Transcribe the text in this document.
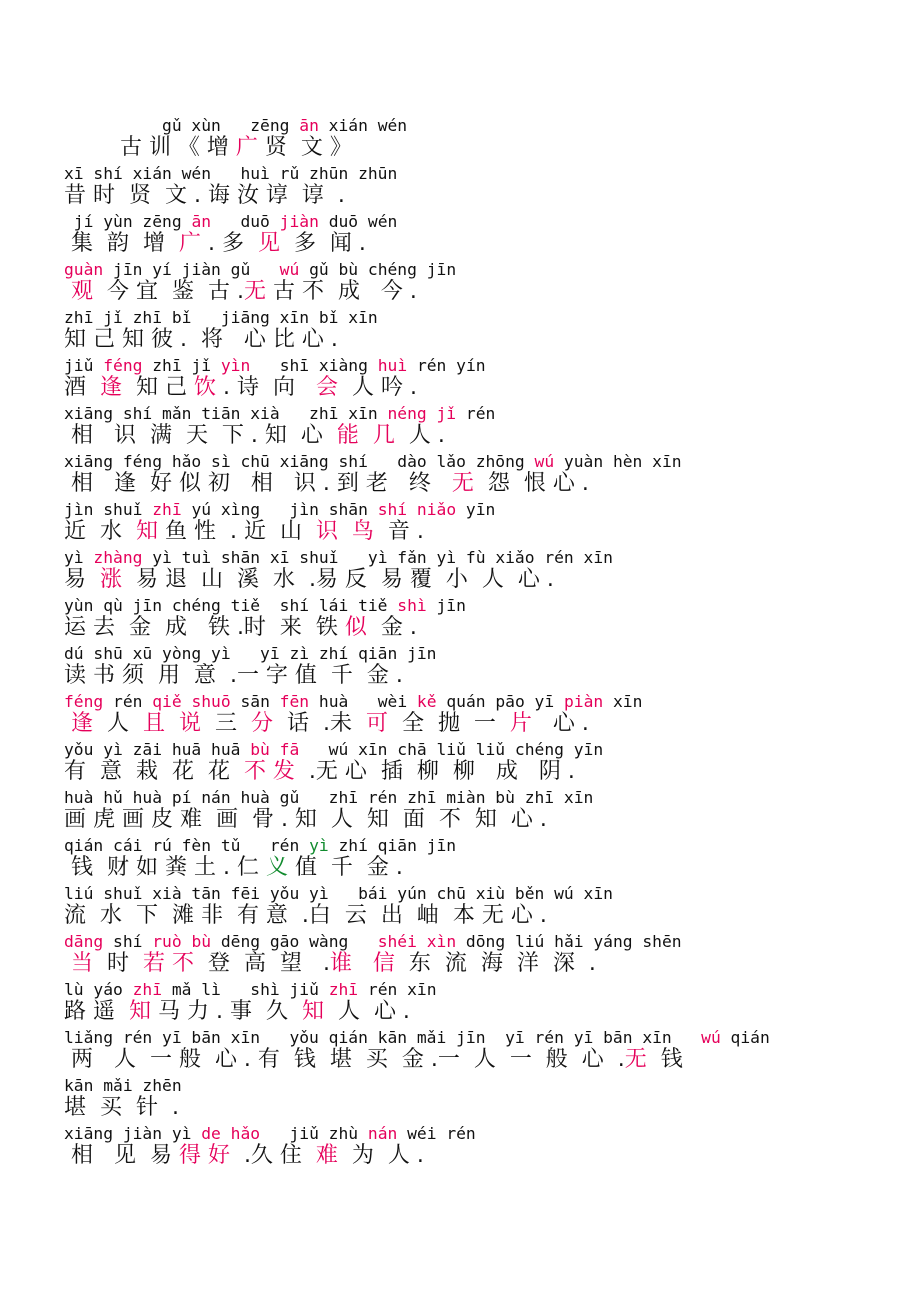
gǔ xùn   zēng ān xián wén
古 训 《 增 广 贤  文 》
xī shí xián wén   huì rǔ zhūn zhūn
昔 时  贤  文 . 诲 汝 谆  谆  .
jí yùn zēng ān   duō jiàn duō wén
集  韵  增  广 . 多  见  多  闻 .
guàn jīn yí jiàn gǔ   wú gǔ bù chéng jīn
观  今 宜  鉴  古 .无 古 不  成   今 .
zhī jǐ zhī bǐ   jiāng xīn bǐ xīn
知 己 知 彼 .  将   心 比 心 .
jiǔ féng zhī jǐ yìn   shī xiàng huì rén yín
酒  逢  知 己 饮 . 诗  向   会  人 吟 .
xiāng shí mǎn tiān xià   zhī xīn néng jǐ rén
相   识  满  天  下 . 知  心  能  几  人 .
xiāng féng hǎo sì chū xiāng shí   dào lǎo zhōng wú yuàn hèn xīn
相   逢  好 似 初   相   识 . 到 老   终   无  怨  恨 心 .
jìn shuǐ zhī yú xìng   jìn shān shí niǎo yīn
近  水  知 鱼 性  . 近  山  识  鸟  音 .
yì zhàng yì tuì shān xī shuǐ   yì fǎn yì fù xiǎo rén xīn
易  涨  易 退  山  溪  水  .易 反  易 覆  小  人  心 .
yùn qù jīn chéng tiě  shí lái tiě shì jīn
运 去  金  成   铁 .时  来  铁 似  金 .
dú shū xū yòng yì   yī zì zhí qiān jīn
读 书 须  用  意  .一 字 值  千  金 .
féng rén qiě shuō sān fēn huà   wèi kě quán pāo yī piàn xīn
逢  人  且  说  三  分  话  .未  可  全  抛  一  片   心 .
yǒu yì zāi huā huā bù fā   wú xīn chā liǔ liǔ chéng yīn
有  意  栽  花  花  不 发  .无 心  插  柳  柳   成   阴 .
huà hǔ huà pí nán huà gǔ   zhī rén zhī miàn bù zhī xīn
画 虎 画 皮 难  画  骨 . 知  人  知  面  不  知  心 .
qián cái rú fèn tǔ   rén yì zhí qiān jīn
钱  财 如 粪 土 . 仁 义 值  千  金 .
liú shuǐ xià tān fēi yǒu yì   bái yún chū xiù běn wú xīn
流  水  下  滩 非  有 意  .白  云  出  岫  本 无 心 .
dāng shí ruò bù dēng gāo wàng   shéi xìn dōng liú hǎi yáng shēn
当  时  若 不  登  高  望   .谁   信  东  流  海  洋  深  .
lù yáo zhī mǎ lì   shì jiǔ zhī rén xīn
路 遥  知 马 力 . 事  久  知  人  心 .
liǎng rén yī bān xīn   yǒu qián kān mǎi jīn  yī rén yī bān xīn   wú qián
两   人  一 般  心 . 有  钱  堪  买  金 .一  人  一  般  心  .无  钱
kān mǎi zhēn
堪  买  针  .
xiāng jiàn yì de hǎo   jiǔ zhù nán wéi rén
相   见  易 得 好  .久 住  难  为  人 .
